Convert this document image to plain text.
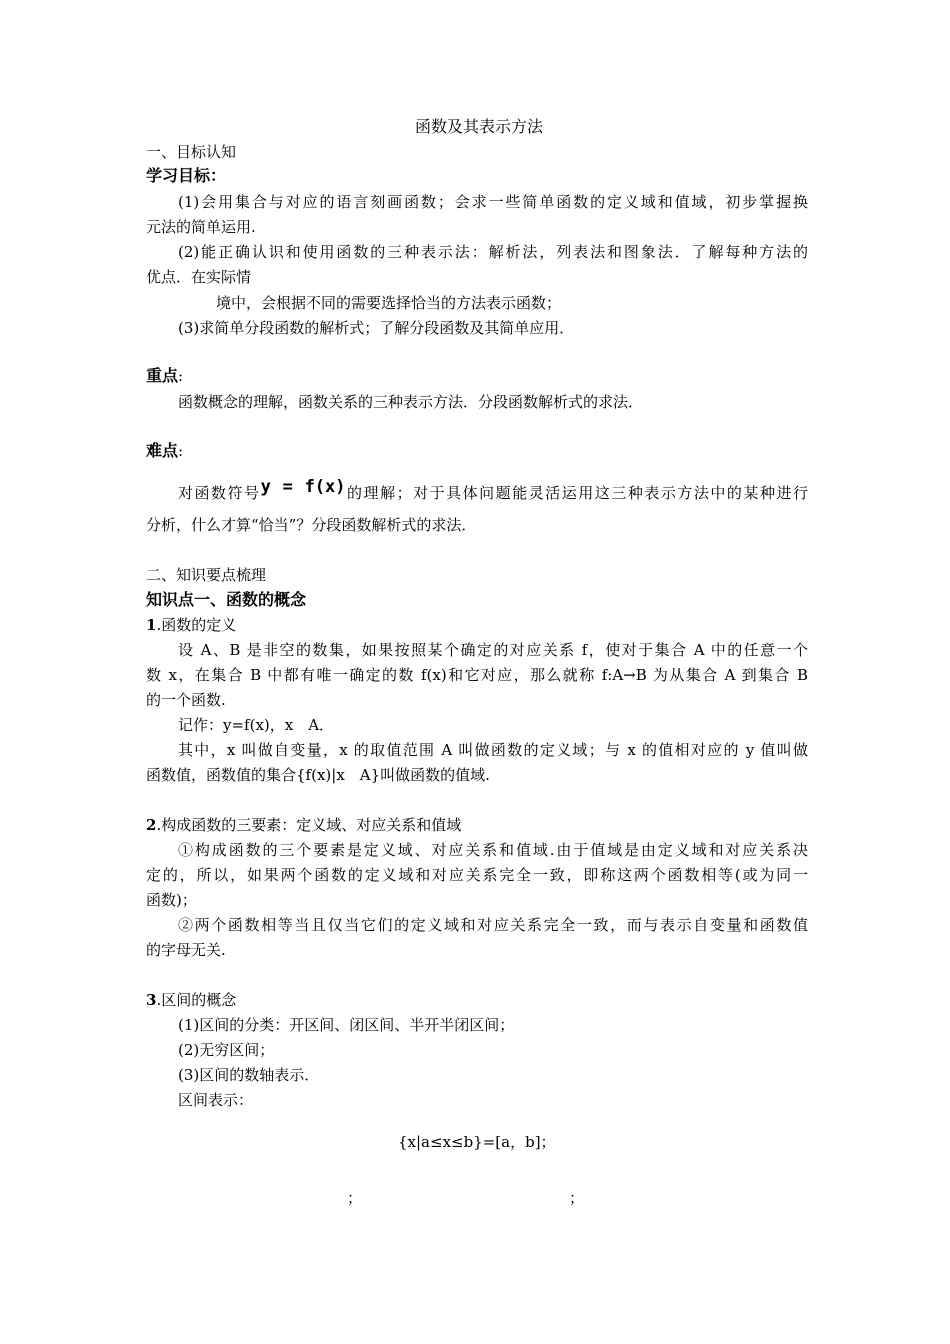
函数及其表示方法
一、目标认知
学习目标：
(1)会用集合与对应的语言刻画函数；会求一些简单函数的定义域和值域，初步掌握换
元法的简单运用.
(2)能正确认识和使用函数的三种表示法：解析法，列表法和图象法．了解每种方法的
优点．在实际情
境中，会根据不同的需要选择恰当的方法表示函数；
(3)求简单分段函数的解析式；了解分段函数及其简单应用．
重点:
函数概念的理解，函数关系的三种表示方法．分段函数解析式的求法．
难点:
对函数符号y = f(x)的理解；对于具体问题能灵活运用这三种表示方法中的某种进行
分析，什么才算“恰当”？分段函数解析式的求法．
二、知识要点梳理
知识点一、函数的概念
1.函数的定义
设 A、B 是非空的数集，如果按照某个确定的对应关系 f，使对于集合 A 中的任意一个
数 x，在集合 B 中都有唯一确定的数 f(x)和它对应，那么就称 f:A→B 为从集合 A 到集合 B
的一个函数.
记作：y=f(x)，x　A．
其中，x 叫做自变量，x 的取值范围 A 叫做函数的定义域；与 x 的值相对应的 y 值叫做
函数值，函数值的集合{f(x)|x　A}叫做函数的值域.
2.构成函数的三要素：定义域、对应关系和值域
①构成函数的三个要素是定义域、对应关系和值域.由于值域是由定义域和对应关系决
定的，所以，如果两个函数的定义域和对应关系完全一致，即称这两个函数相等(或为同一
函数)；
②两个函数相等当且仅当它们的定义域和对应关系完全一致，而与表示自变量和函数值
的字母无关.
3.区间的概念
(1)区间的分类：开区间、闭区间、半开半闭区间；
(2)无穷区间；
(3)区间的数轴表示．
区间表示：
{x|a≤x≤b}=[a，b]；
；	；
